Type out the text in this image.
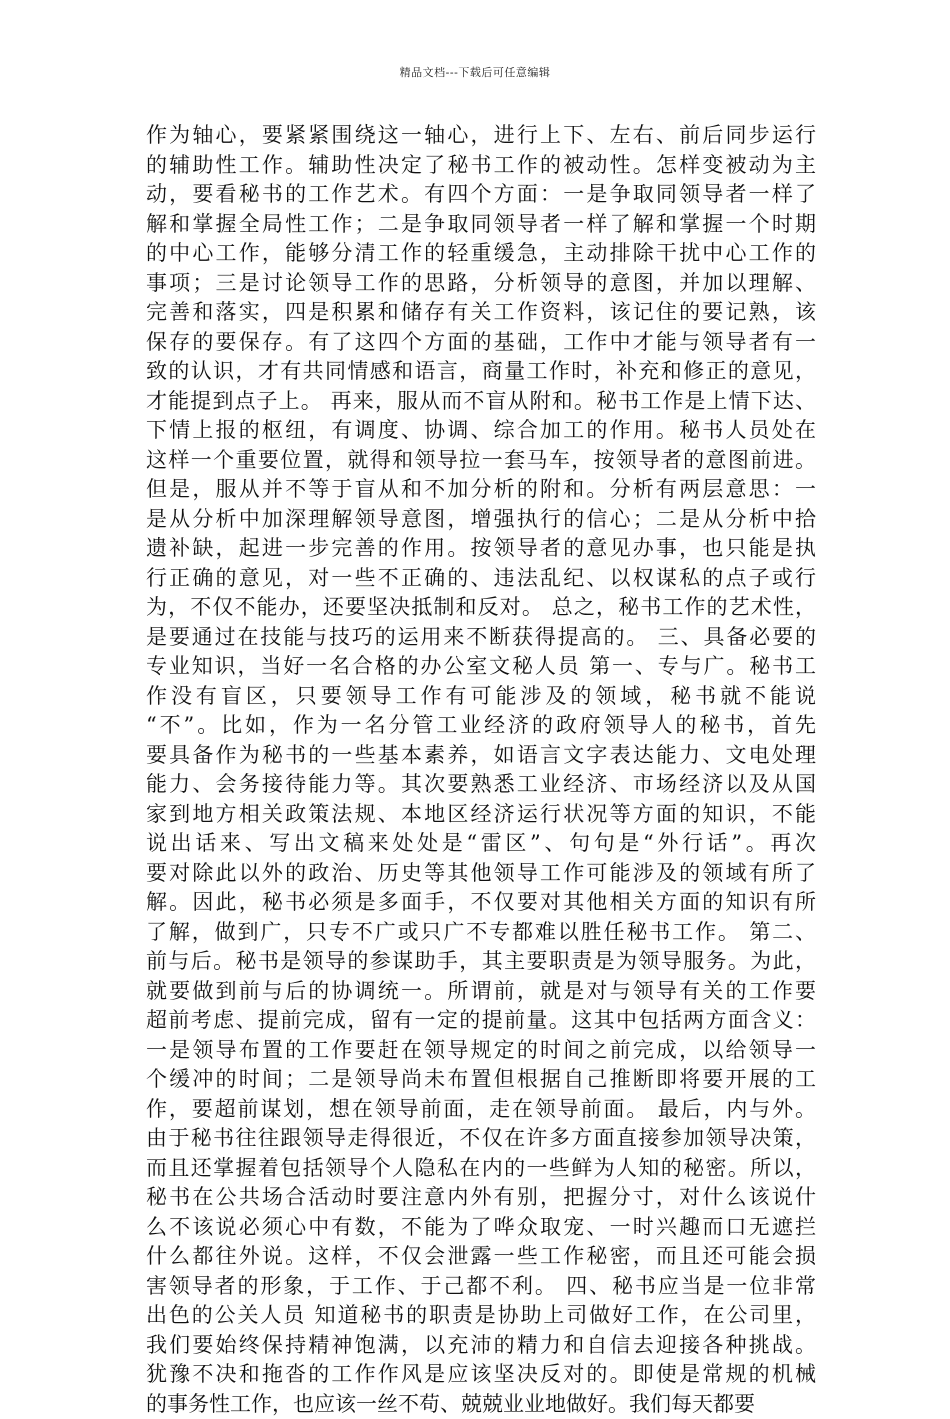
精品文档---下载后可任意编辑
作为轴心，要紧紧围绕这一轴心，进行上下、左右、前后同步运行
的辅助性工作。辅助性决定了秘书工作的被动性。怎样变被动为主
动，要看秘书的工作艺术。有四个方面：一是争取同领导者一样了
解和掌握全局性工作；二是争取同领导者一样了解和掌握一个时期
的中心工作，能够分清工作的轻重缓急，主动排除干扰中心工作的
事项；三是讨论领导工作的思路，分析领导的意图，并加以理解、
完善和落实，四是积累和储存有关工作资料，该记住的要记熟，该
保存的要保存。有了这四个方面的基础，工作中才能与领导者有一
致的认识，才有共同情感和语言，商量工作时，补充和修正的意见，
才能提到点子上。 再来，服从而不盲从附和。秘书工作是上情下达、
下情上报的枢纽，有调度、协调、综合加工的作用。秘书人员处在
这样一个重要位置，就得和领导拉一套马车，按领导者的意图前进。
但是，服从并不等于盲从和不加分析的附和。分析有两层意思：一
是从分析中加深理解领导意图，增强执行的信心；二是从分析中拾
遗补缺，起进一步完善的作用。按领导者的意见办事，也只能是执
行正确的意见，对一些不正确的、违法乱纪、以权谋私的点子或行
为，不仅不能办，还要坚决抵制和反对。 总之，秘书工作的艺术性，
是要通过在技能与技巧的运用来不断获得提高的。 三、具备必要的
专业知识，当好一名合格的办公室文秘人员 第一、专与广。秘书工
作没有盲区，只要领导工作有可能涉及的领域，秘书就不能说
“不”。比如，作为一名分管工业经济的政府领导人的秘书，首先
要具备作为秘书的一些基本素养，如语言文字表达能力、文电处理
能力、会务接待能力等。其次要熟悉工业经济、市场经济以及从国
家到地方相关政策法规、本地区经济运行状况等方面的知识，不能
说出话来、写出文稿来处处是“雷区”、句句是“外行话”。再次
要对除此以外的政治、历史等其他领导工作可能涉及的领域有所了
解。因此，秘书必须是多面手，不仅要对其他相关方面的知识有所
了解，做到广，只专不广或只广不专都难以胜任秘书工作。 第二、
前与后。秘书是领导的参谋助手，其主要职责是为领导服务。为此，
就要做到前与后的协调统一。所谓前，就是对与领导有关的工作要
超前考虑、提前完成，留有一定的提前量。这其中包括两方面含义：
一是领导布置的工作要赶在领导规定的时间之前完成，以给领导一
个缓冲的时间；二是领导尚未布置但根据自己推断即将要开展的工
作，要超前谋划，想在领导前面，走在领导前面。 最后，内与外。
由于秘书往往跟领导走得很近，不仅在许多方面直接参加领导决策，
而且还掌握着包括领导个人隐私在内的一些鲜为人知的秘密。所以，
秘书在公共场合活动时要注意内外有别，把握分寸，对什么该说什
么不该说必须心中有数，不能为了哗众取宠、一时兴趣而口无遮拦
什么都往外说。这样，不仅会泄露一些工作秘密，而且还可能会损
害领导者的形象，于工作、于己都不利。 四、秘书应当是一位非常
出色的公关人员 知道秘书的职责是协助上司做好工作，在公司里，
我们要始终保持精神饱满，以充沛的精力和自信去迎接各种挑战。
犹豫不决和拖沓的工作作风是应该坚决反对的。即使是常规的机械
的事务性工作，也应该一丝不苟、兢兢业业地做好。我们每天都要
